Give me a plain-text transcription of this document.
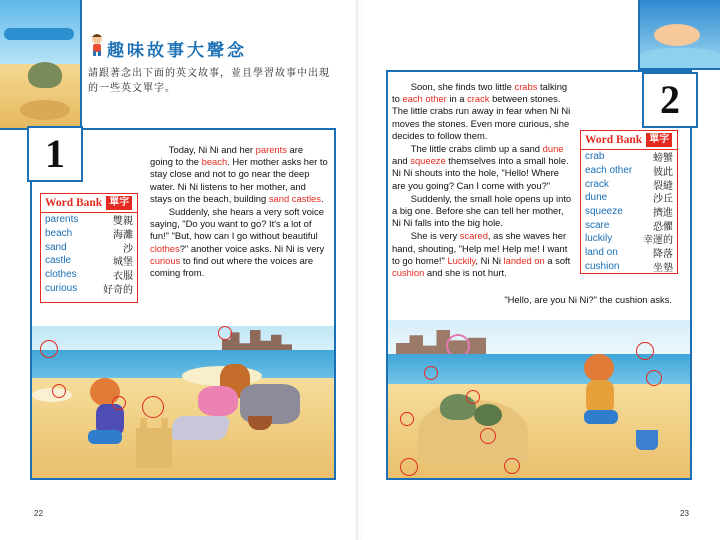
趣味故事大聲念
請跟著念出下面的英文故事，並且學習故事中出現的一些英文單字。
1	Today, Ni Ni and her parents are going to the beach. Her mother asks her to stay close and not to go near the deep water. Ni Ni listens to her mother, and stays on the beach, building sand castles.

Suddenly, she hears a very soft voice saying, "Do you want to go? It's a lot of fun!" "But, how can I go without beautiful clothes?" another voice asks. Ni Ni is very curious to find out where the voices are coming from.

Word Bank 單字
parents	雙親
beach	海灘
sand	沙
castle	城堡
clothes	衣服
curious	好奇的
22
2

Soon, she finds two little crabs talking to each other in a crack between stones. The little crabs run away in fear when Ni Ni moves the stones. Even more curious, she decides to follow them.

The little crabs climb up a sand dune and squeeze themselves into a small hole. Ni Ni shouts into the hole, "Hello! Where are you going? Can I come with you?"

Suddenly, the small hole opens up into a big one. Before she can tell her mother, Ni Ni falls into the big hole.

She is very scared, as she waves her hand, shouting, "Help me! Help me! I want to go home!" Luckily, Ni Ni landed on a soft cushion and she is not hurt.

"Hello, are you Ni Ni?" the cushion asks.
Word Bank 單字
crab	螃蟹
each other 彼此
crack	裂縫
dune	沙丘
squeeze	擠進
scare	恐懼
luckily	幸運的
land on	降落
cushion	坐墊
23
